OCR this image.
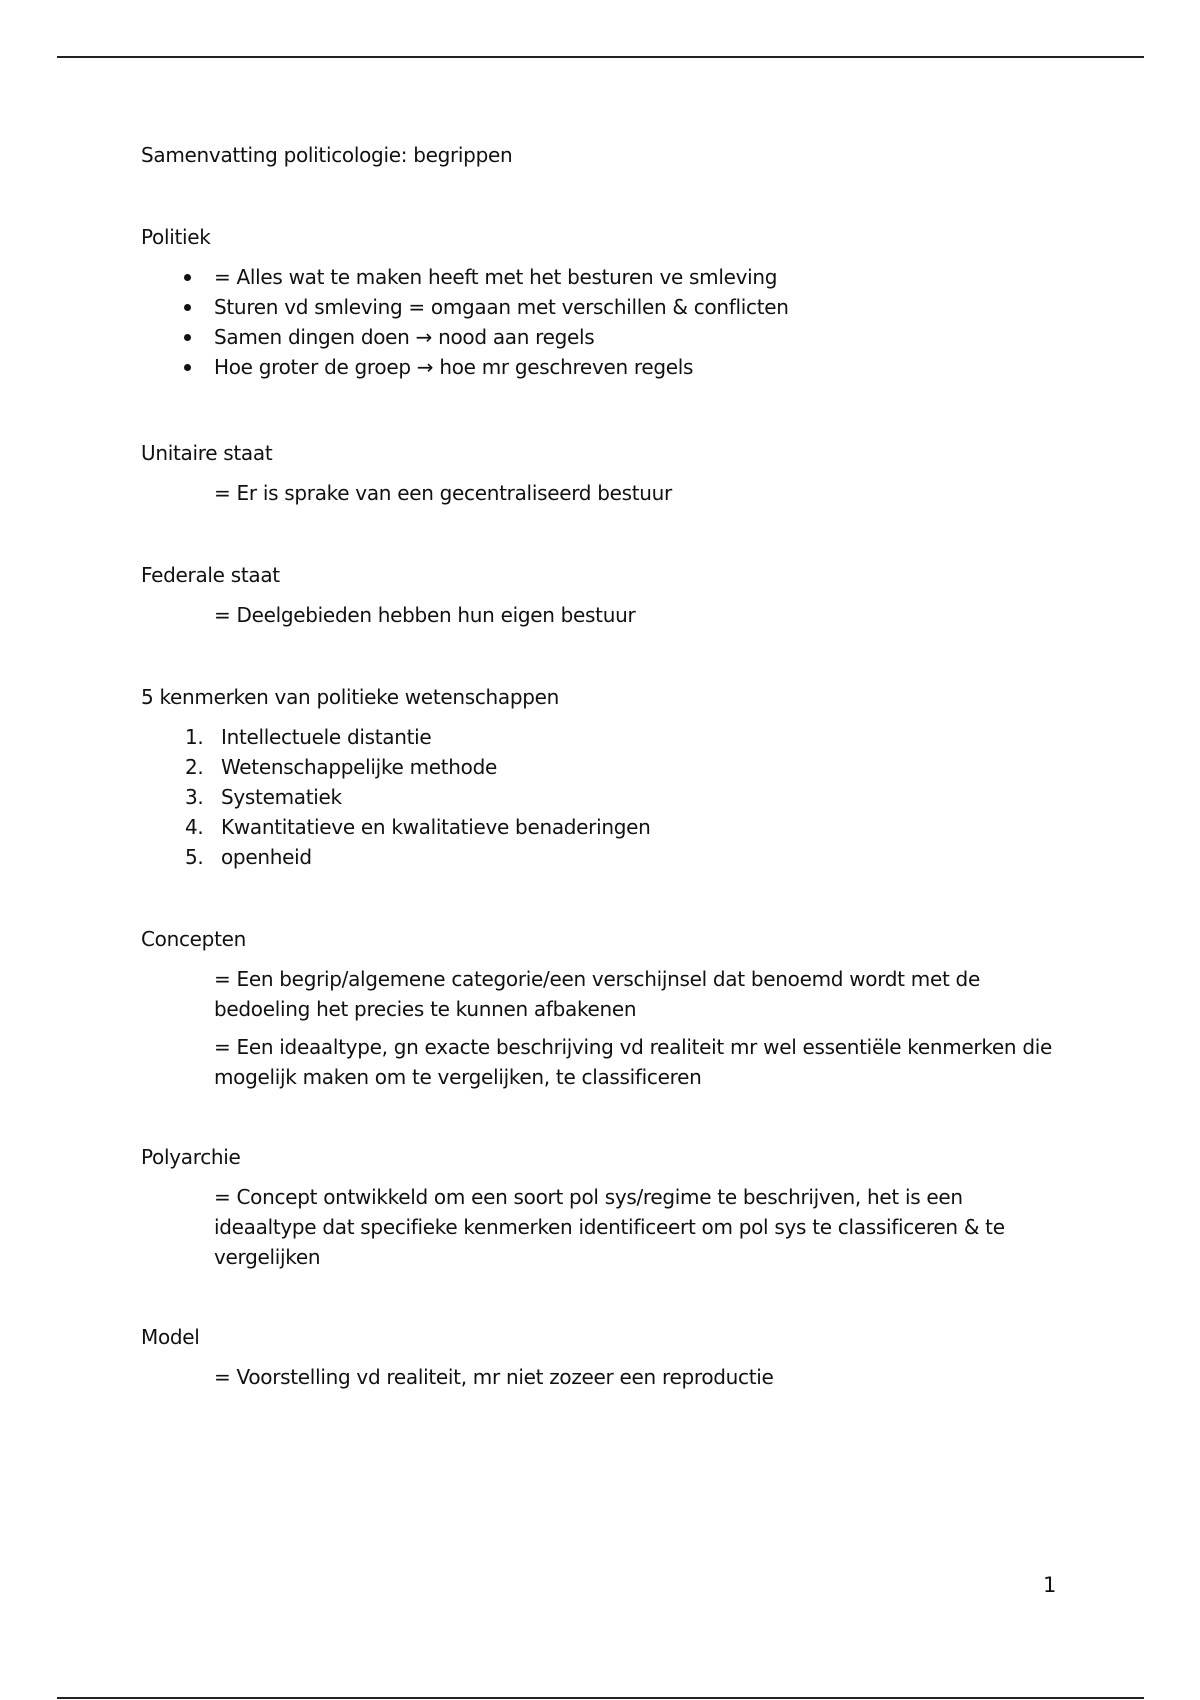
Samenvatting politicologie: begrippen
Politiek
= Alles wat te maken heeft met het besturen ve smleving
Sturen vd smleving = omgaan met verschillen & conflicten
Samen dingen doen → nood aan regels
Hoe groter de groep → hoe mr geschreven regels
Unitaire staat

= Er is sprake van een gecentraliseerd bestuur

Federale staat

= Deelgebieden hebben hun eigen bestuur

5 kenmerken van politieke wetenschappen
1. Intellectuele distantie
2. Wetenschappelijke methode
3. Systematiek
4. Kwantitatieve en kwalitatieve benaderingen
5. openheid
Concepten

= Een begrip/algemene categorie/een verschijnsel dat benoemd wordt met de bedoeling het precies te kunnen afbakenen

= Een ideaaltype, gn exacte beschrijving vd realiteit mr wel essentiële kenmerken die mogelijk maken om te vergelijken, te classificeren

Polyarchie

= Concept ontwikkeld om een soort pol sys/regime te beschrijven, het is een ideaaltype dat specifieke kenmerken identificeert om pol sys te classificeren & te vergelijken

Model

= Voorstelling vd realiteit, mr niet zozeer een reproductie

1
